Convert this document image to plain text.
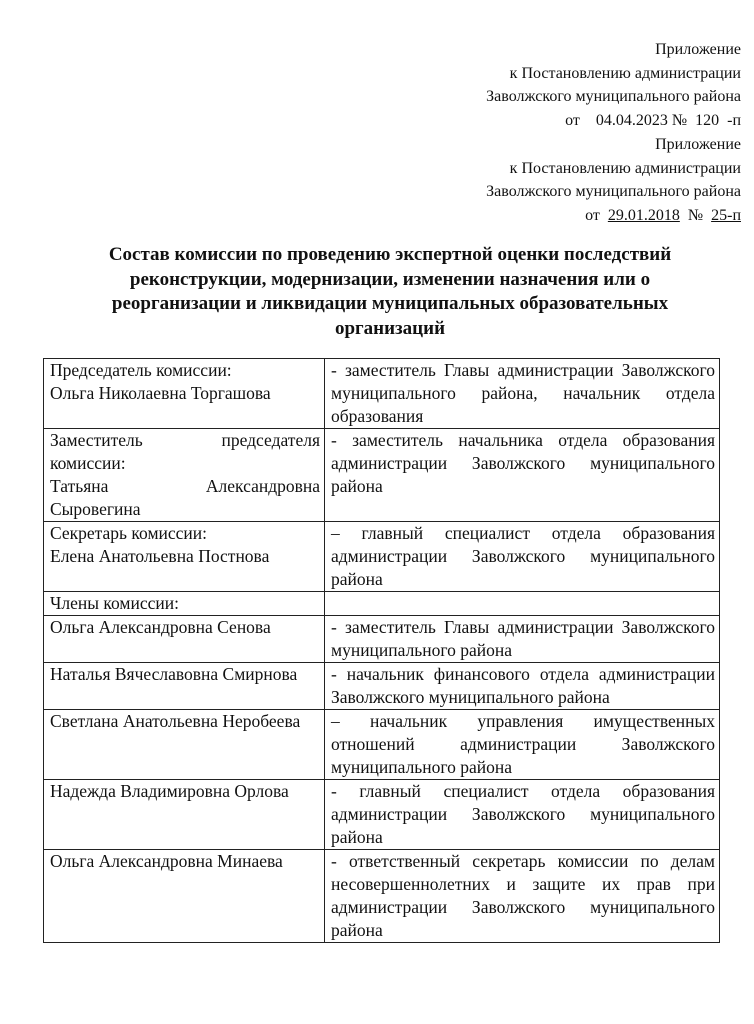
Приложение
к Постановлению администрации
Заволжского муниципального района
от 04.04.2023 № 120 -п
Приложение
к Постановлению администрации
Заволжского муниципального района
от 29.01.2018 № 25-п
Состав комиссии по проведению экспертной оценки последствий реконструкции, модернизации, изменении назначения или о реорганизации и ликвидации муниципальных образовательных организаций
Председатель комиссии:
Ольга Николаевна Торгашова	- заместитель Главы администрации Заволжского муниципального района, начальник отдела образования

Заместитель председателя комиссии:
Татьяна Александровна Сыровегина	- заместитель начальника отдела образования администрации Заволжского муниципального района

Секретарь комиссии:
Елена Анатольевна Постнова	– главный специалист отдела образования администрации Заволжского муниципального района

Члены комиссии:	

Ольга Александровна Сенова	- заместитель Главы администрации Заволжского муниципального района

Наталья Вячеславовна Смирнова	- начальник финансового отдела администрации Заволжского муниципального района

Светлана Анатольевна Неробеева	– начальник управления имущественных отношений администрации Заволжского муниципального района

Надежда Владимировна Орлова	- главный специалист отдела образования администрации Заволжского муниципального района

Ольга Александровна Минаева	- ответственный секретарь комиссии по делам несовершеннолетних и защите их прав при администрации Заволжского муниципального района
